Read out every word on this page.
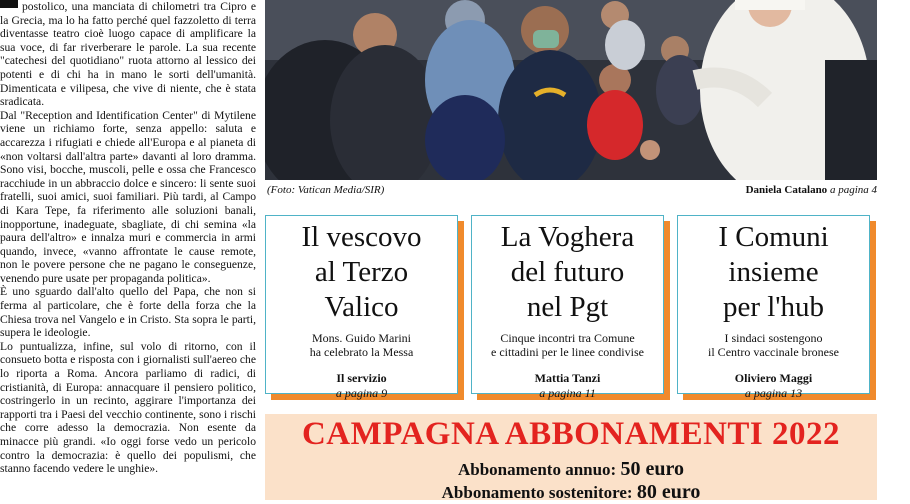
postolico, una manciata di chilometri tra Cipro e la Grecia, ma lo ha fatto perché quel fazzoletto di terra diventasse teatro cioè luogo capace di amplificare la sua voce, di far riverberare le parole. La sua recente "catechesi del quotidiano" ruota attorno al lessico dei potenti e di chi ha in mano le sorti dell'umanità. Dimenticata e vilipesa, che vive di niente, che è stata sradicata.

Dal "Reception and Identification Center" di Mytilene viene un richiamo forte, senza appello: saluta e accarezza i rifugiati e chiede all'Europa e al pianeta di «non voltarsi dall'altra parte» davanti al loro dramma. Sono visi, bocche, muscoli, pelle e ossa che Francesco racchiude in un abbraccio dolce e sincero: li sente suoi fratelli, suoi amici, suoi familiari. Più tardi, al Campo di Kara Tepe, fa riferimento alle soluzioni banali, inopportune, inadeguate, sbagliate, di chi semina «la paura dell'altro» e innalza muri e commercia in armi quando, invece, «vanno affrontate le cause remote, non le povere persone che ne pagano le conseguenze, venendo pure usate per propaganda politica».

È uno sguardo dall'alto quello del Papa, che non si ferma al particolare, che è forte della forza che la Chiesa trova nel Vangelo e in Cristo. Sta sopra le parti, supera le ideologie.

Lo puntualizza, infine, sul volo di ritorno, con il consueto botta e risposta con i giornalisti sull'aereo che lo riporta a Roma. Ancora parliamo di radici, di cristianità, di Europa: annacquare il pensiero politico, costringerlo in un recinto, aggirare l'importanza dei rapporti tra i Paesi del vecchio continente, sono i rischi che corre adesso la democrazia. Non esente da minacce più grandi. «Io oggi forse vedo un pericolo contro la democrazia: è quello dei populismi, che stanno facendo vedere le unghie».

(Foto: Vatican Media/SIR)	Daniela Catalano a pagina 4
Il vescovo
al Terzo
Valico
Mons. Guido Marini
ha celebrato la Messa
Il servizio
a pagina 9
La Voghera
del futuro
nel Pgt
Cinque incontri tra Comune
e cittadini per le linee condivise
Mattia Tanzi
a pagina 11
I Comuni
insieme
per l'hub
I sindaci sostengono
il Centro vaccinale bronese
Oliviero Maggi
a pagina 13
CAMPAGNA ABBONAMENTI 2022
Abbonamento annuo: 50 euro
Abbonamento sostenitore: 80 euro
